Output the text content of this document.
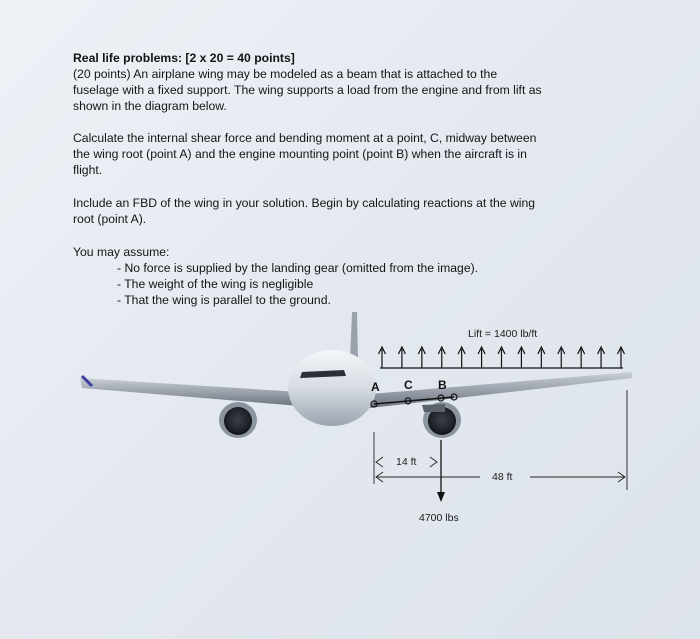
Real life problems: [2 x 20 = 40 points]
(20 points) An airplane wing may be modeled as a beam that is attached to the
fuselage with a fixed support. The wing supports a load from the engine and from lift as
shown in the diagram below.
Calculate the internal shear force and bending moment at a point, C, midway between
the wing root (point A) and the engine mounting point (point B) when the aircraft is in
flight.
Include an FBD of the wing in your solution. Begin by calculating reactions at the wing
root (point A).
You may assume:
- No force is supplied by the landing gear (omitted from the image).
- The weight of the wing is negligible
- That the wing is parallel to the ground.
Lift = 1400 lb/ft
A C B
14 ft
48 ft
4700 lbs
